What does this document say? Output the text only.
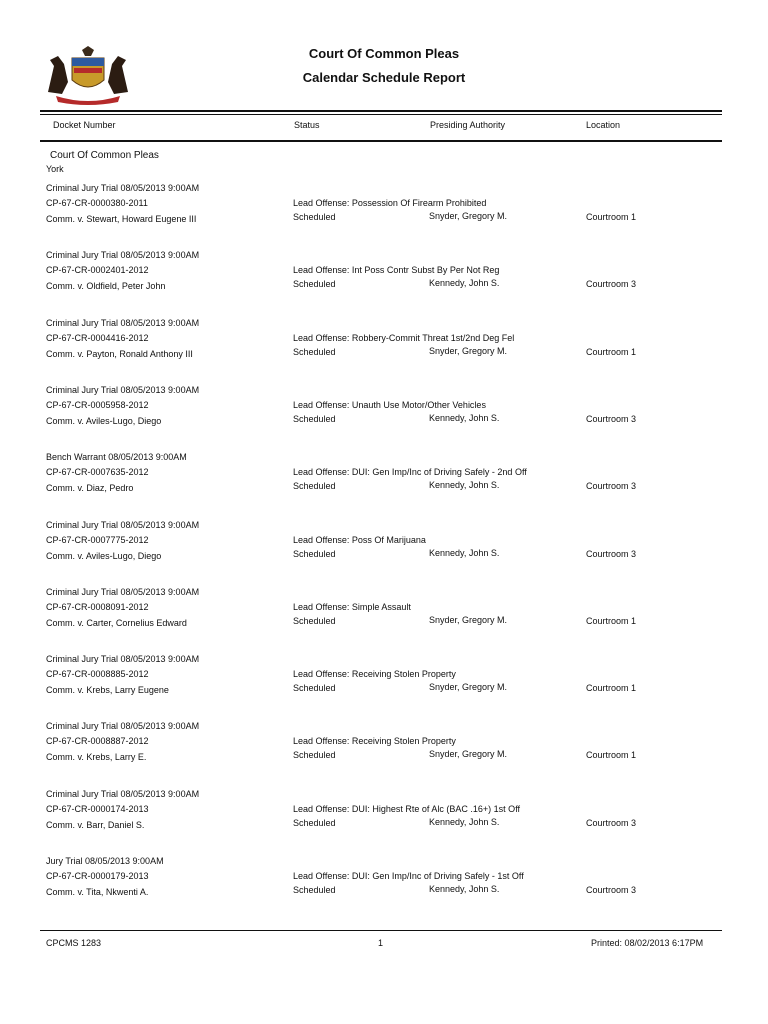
Court Of Common Pleas
Calendar Schedule Report
Docket Number	Status	Presiding Authority	Location
Court Of Common Pleas
York
Criminal Jury Trial 08/05/2013 9:00AM
CP-67-CR-0000380-2011
Comm. v. Stewart, Howard Eugene III
Lead Offense: Possession Of Firearm Prohibited
Scheduled	Snyder, Gregory M.	Courtroom 1
Criminal Jury Trial 08/05/2013 9:00AM
CP-67-CR-0002401-2012
Comm. v. Oldfield, Peter John
Lead Offense: Int Poss Contr Subst By Per Not Reg
Scheduled	Kennedy, John S.	Courtroom 3
Criminal Jury Trial 08/05/2013 9:00AM
CP-67-CR-0004416-2012
Comm. v. Payton, Ronald Anthony III
Lead Offense: Robbery-Commit Threat 1st/2nd Deg Fel
Scheduled	Snyder, Gregory M.	Courtroom 1
Criminal Jury Trial 08/05/2013 9:00AM
CP-67-CR-0005958-2012
Comm. v. Aviles-Lugo, Diego
Lead Offense: Unauth Use Motor/Other Vehicles
Scheduled	Kennedy, John S.	Courtroom 3
Bench Warrant 08/05/2013 9:00AM
CP-67-CR-0007635-2012
Comm. v. Diaz, Pedro
Lead Offense: DUI: Gen Imp/Inc of Driving Safely - 2nd Off
Scheduled	Kennedy, John S.	Courtroom 3
Criminal Jury Trial 08/05/2013 9:00AM
CP-67-CR-0007775-2012
Comm. v. Aviles-Lugo, Diego
Lead Offense: Poss Of Marijuana
Scheduled	Kennedy, John S.	Courtroom 3
Criminal Jury Trial 08/05/2013 9:00AM
CP-67-CR-0008091-2012
Comm. v. Carter, Cornelius Edward
Lead Offense: Simple Assault
Scheduled	Snyder, Gregory M.	Courtroom 1
Criminal Jury Trial 08/05/2013 9:00AM
CP-67-CR-0008885-2012
Comm. v. Krebs, Larry Eugene
Lead Offense: Receiving Stolen Property
Scheduled	Snyder, Gregory M.	Courtroom 1
Criminal Jury Trial 08/05/2013 9:00AM
CP-67-CR-0008887-2012
Comm. v. Krebs, Larry E.
Lead Offense: Receiving Stolen Property
Scheduled	Snyder, Gregory M.	Courtroom 1
Criminal Jury Trial 08/05/2013 9:00AM
CP-67-CR-0000174-2013
Comm. v. Barr, Daniel S.
Lead Offense: DUI: Highest Rte of Alc (BAC .16+) 1st Off
Scheduled	Kennedy, John S.	Courtroom 3
Jury Trial 08/05/2013 9:00AM
CP-67-CR-0000179-2013
Comm. v. Tita, Nkwenti A.
Lead Offense: DUI: Gen Imp/Inc of Driving Safely - 1st Off
Scheduled	Kennedy, John S.	Courtroom 3
CPCMS 1283	1	Printed: 08/02/2013 6:17PM
